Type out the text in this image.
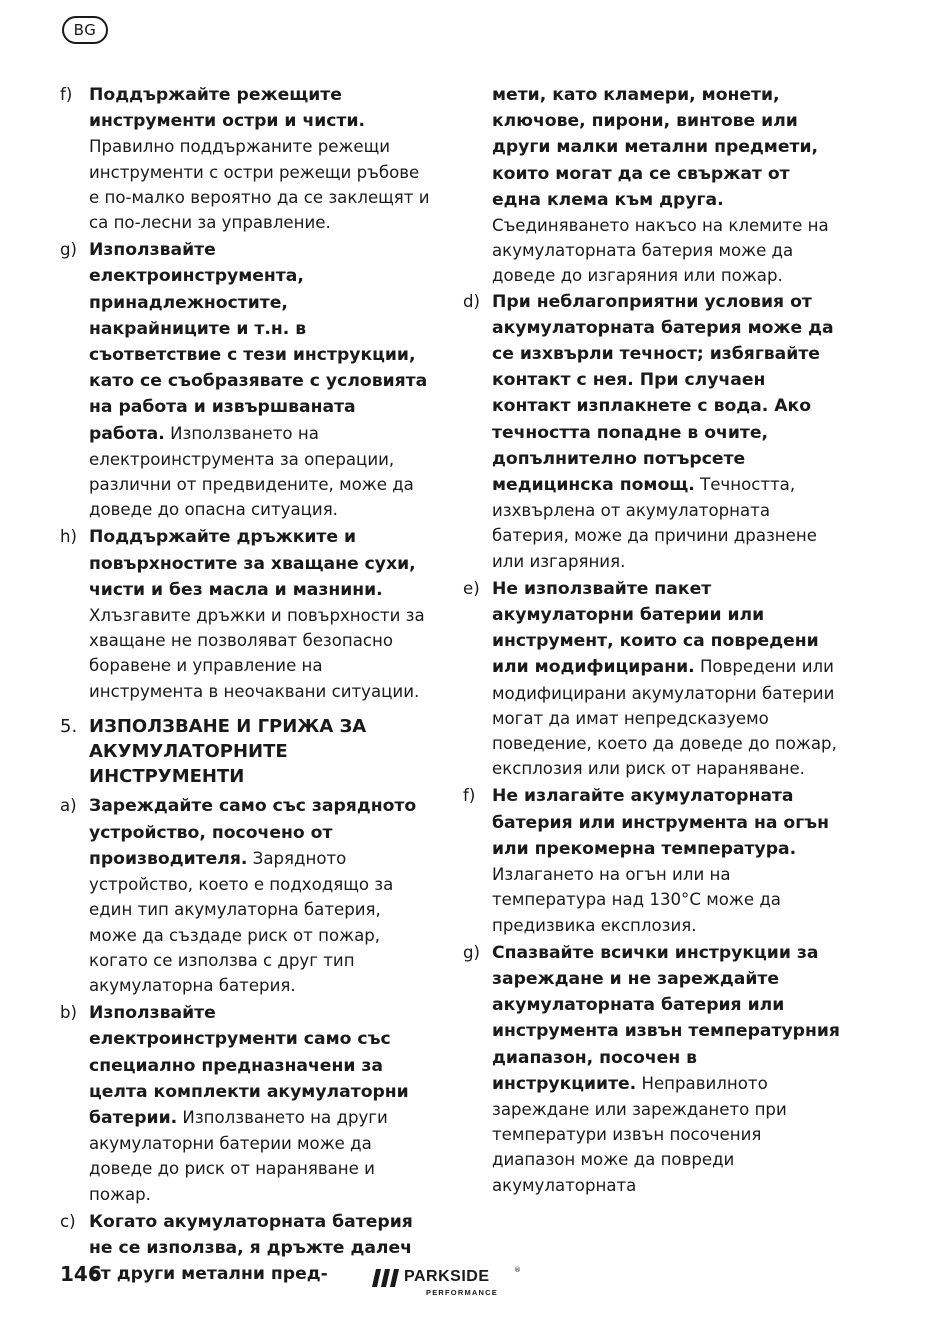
BG
f) Поддържайте режещите инструменти остри и чисти. Правилно поддържаните режещи инструменти с остри режещи ръбове е по-малко вероятно да се заклещят и са по-лесни за управление.
g) Използвайте електроинструмента, принадлежностите, накрайниците и т.н. в съответствие с тези инструкции, като се съобразявате с условията на работа и извършваната работа. Използването на електроинструмента за операции, различни от предвидените, може да доведе до опасна ситуация.
h) Поддържайте дръжките и повърхностите за хващане сухи, чисти и без масла и мазнини. Хлъзгавите дръжки и повърхности за хващане не позволяват безопасно боравене и управление на инструмента в неочаквани ситуации.
5. ИЗПОЛЗВАНЕ И ГРИЖА ЗА АКУМУЛАТОРНИТЕ ИНСТРУМЕНТИ
a) Зареждайте само със зарядното устройство, посочено от производителя. Зарядното устройство, което е подходящо за един тип акумулаторна батерия, може да създаде риск от пожар, когато се използва с друг тип акумулаторна батерия.
b) Използвайте електроинструменти само със специално предназначени за целта комплекти акумулаторни батерии. Използването на други акумулаторни батерии може да доведе до риск от нараняване и пожар.
c) Когато акумулаторната батерия не се използва, я дръжте далеч от други метални пред-
мети, като кламери, монети, ключове, пирони, винтове или други малки метални предмети, които могат да се свържат от една клема към друга. Съединяването накъсо на клемите на акумулаторната батерия може да доведе до изгаряния или пожар.
d) При неблагоприятни условия от акумулаторната батерия може да се изхвърли течност; избягвайте контакт с нея. При случаен контакт изплакнете с вода. Ако течността попадне в очите, допълнително потърсете медицинска помощ. Течността, изхвърлена от акумулаторната батерия, може да причини дразнене или изгаряния.
e) Не използвайте пакет акумулаторни батерии или инструмент, които са повредени или модифицирани. Повредени или модифицирани акумулаторни батерии могат да имат непредсказуемо поведение, което да доведе до пожар, експлозия или риск от нараняване.
f) Не излагайте акумулаторната батерия или инструмента на огън или прекомерна температура. Излагането на огън или на температура над 130°C може да предизвика експлозия.
g) Спазвайте всички инструкции за зареждане и не зареждайте акумулаторната батерия или инструмента извън температурния диапазон, посочен в инструкциите. Неправилното зареждане или зареждането при температури извън посочения диапазон може да повреди акумулаторната
146	PARKSIDE	®
PERFORMANCE
